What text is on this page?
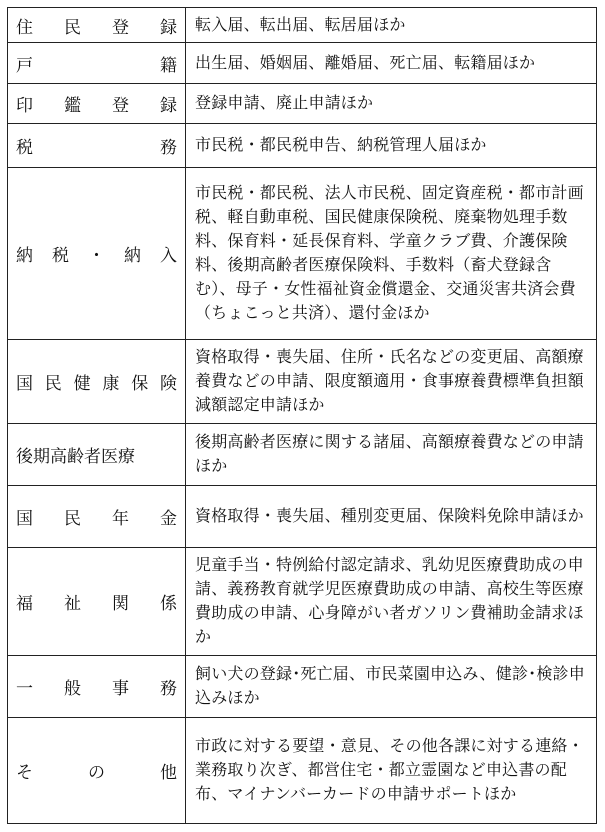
住民登録	転入届、転出届、転居届ほか

戸籍	出生届、婚姻届、離婚届、死亡届、転籍届ほか

印鑑登録	登録申請、廃止申請ほか

税務	市民税・都民税申告、納税管理人届ほか

納税・納入	市民税・都民税、法人市民税、固定資産税・都市計画税、軽自動車税、国民健康保険税、廃棄物処理手数料、保育料・延長保育料、学童クラブ費、介護保険料、後期高齢者医療保険料、手数料（畜犬登録含む）、母子・女性福祉資金償還金、交通災害共済会費（ちょこっと共済）、還付金ほか

国民健康保険	資格取得・喪失届、住所・氏名などの変更届、高額療養費などの申請、限度額適用・食事療養費標準負担額減額認定申請ほか

後期高齢者医療	後期高齢者医療に関する諸届、高額療養費などの申請ほか

国民年金	資格取得・喪失届、種別変更届、保険料免除申請ほか

福祉関係	児童手当・特例給付認定請求、乳幼児医療費助成の申請、義務教育就学児医療費助成の申請、高校生等医療費助成の申請、心身障がい者ガソリン費補助金請求ほか

一般事務	飼い犬の登録･死亡届、市民菜園申込み、健診･検診申込みほか

その他	市政に対する要望・意見、その他各課に対する連絡・業務取り次ぎ、都営住宅・都立霊園など申込書の配布、マイナンバーカードの申請サポートほか
